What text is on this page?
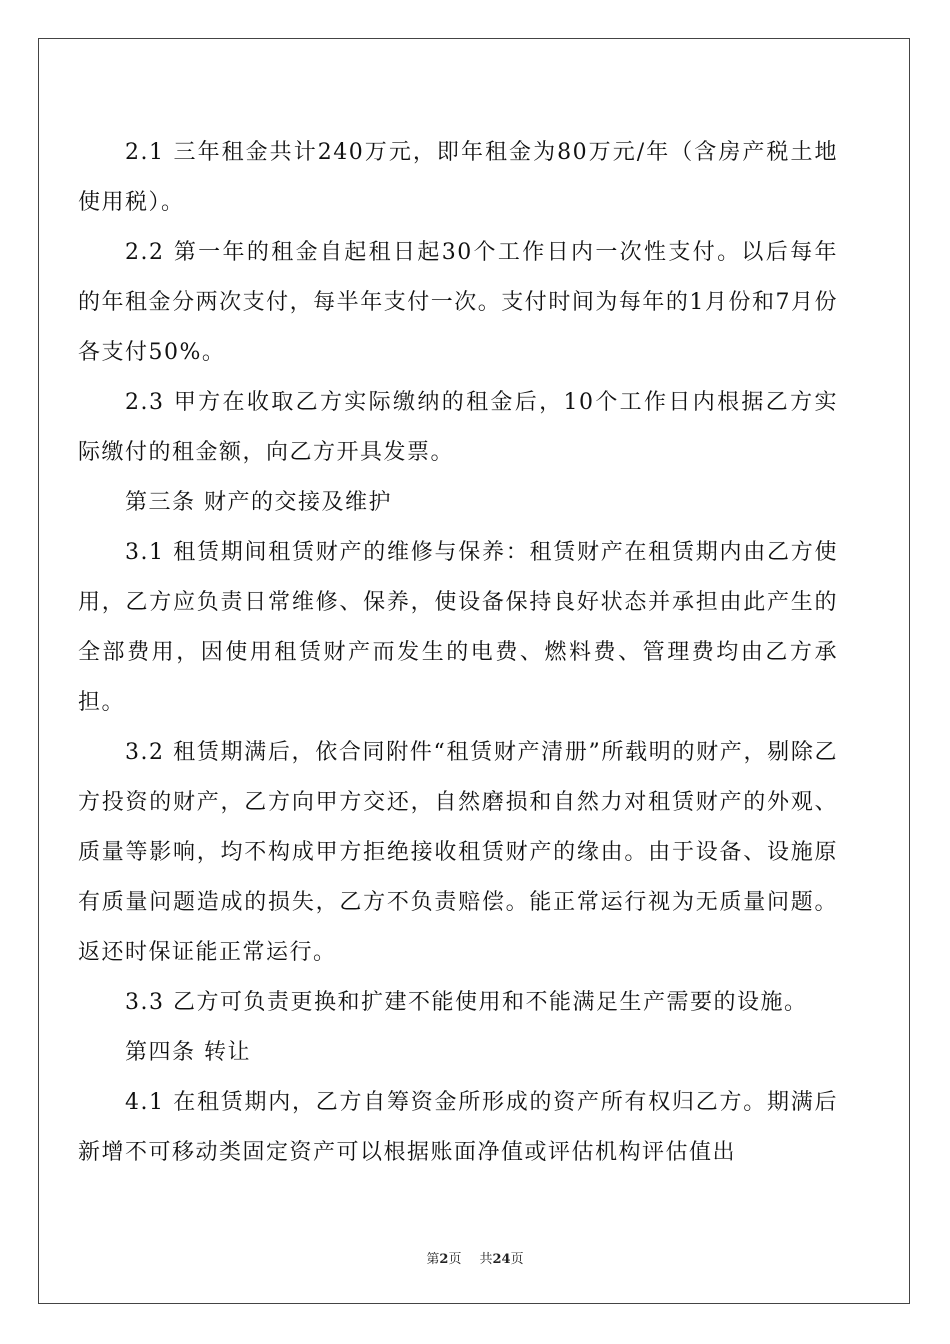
2.1 三年租金共计240万元，即年租金为80万元/年（含房产税土地使用税）。

2.2 第一年的租金自起租日起30个工作日内一次性支付。以后每年的年租金分两次支付，每半年支付一次。支付时间为每年的1月份和7月份各支付50%。

2.3 甲方在收取乙方实际缴纳的租金后，10个工作日内根据乙方实际缴付的租金额，向乙方开具发票。

第三条 财产的交接及维护

3.1 租赁期间租赁财产的维修与保养：租赁财产在租赁期内由乙方使用，乙方应负责日常维修、保养，使设备保持良好状态并承担由此产生的全部费用，因使用租赁财产而发生的电费、燃料费、管理费均由乙方承担。

3.2 租赁期满后，依合同附件“租赁财产清册”所载明的财产，剔除乙方投资的财产，乙方向甲方交还，自然磨损和自然力对租赁财产的外观、质量等影响，均不构成甲方拒绝接收租赁财产的缘由。由于设备、设施原有质量问题造成的损失，乙方不负责赔偿。能正常运行视为无质量问题。返还时保证能正常运行。

3.3 乙方可负责更换和扩建不能使用和不能满足生产需要的设施。

第四条 转让

4.1 在租赁期内，乙方自筹资金所形成的资产所有权归乙方。期满后新增不可移动类固定资产可以根据账面净值或评估机构评估值出

第2页 共24页
